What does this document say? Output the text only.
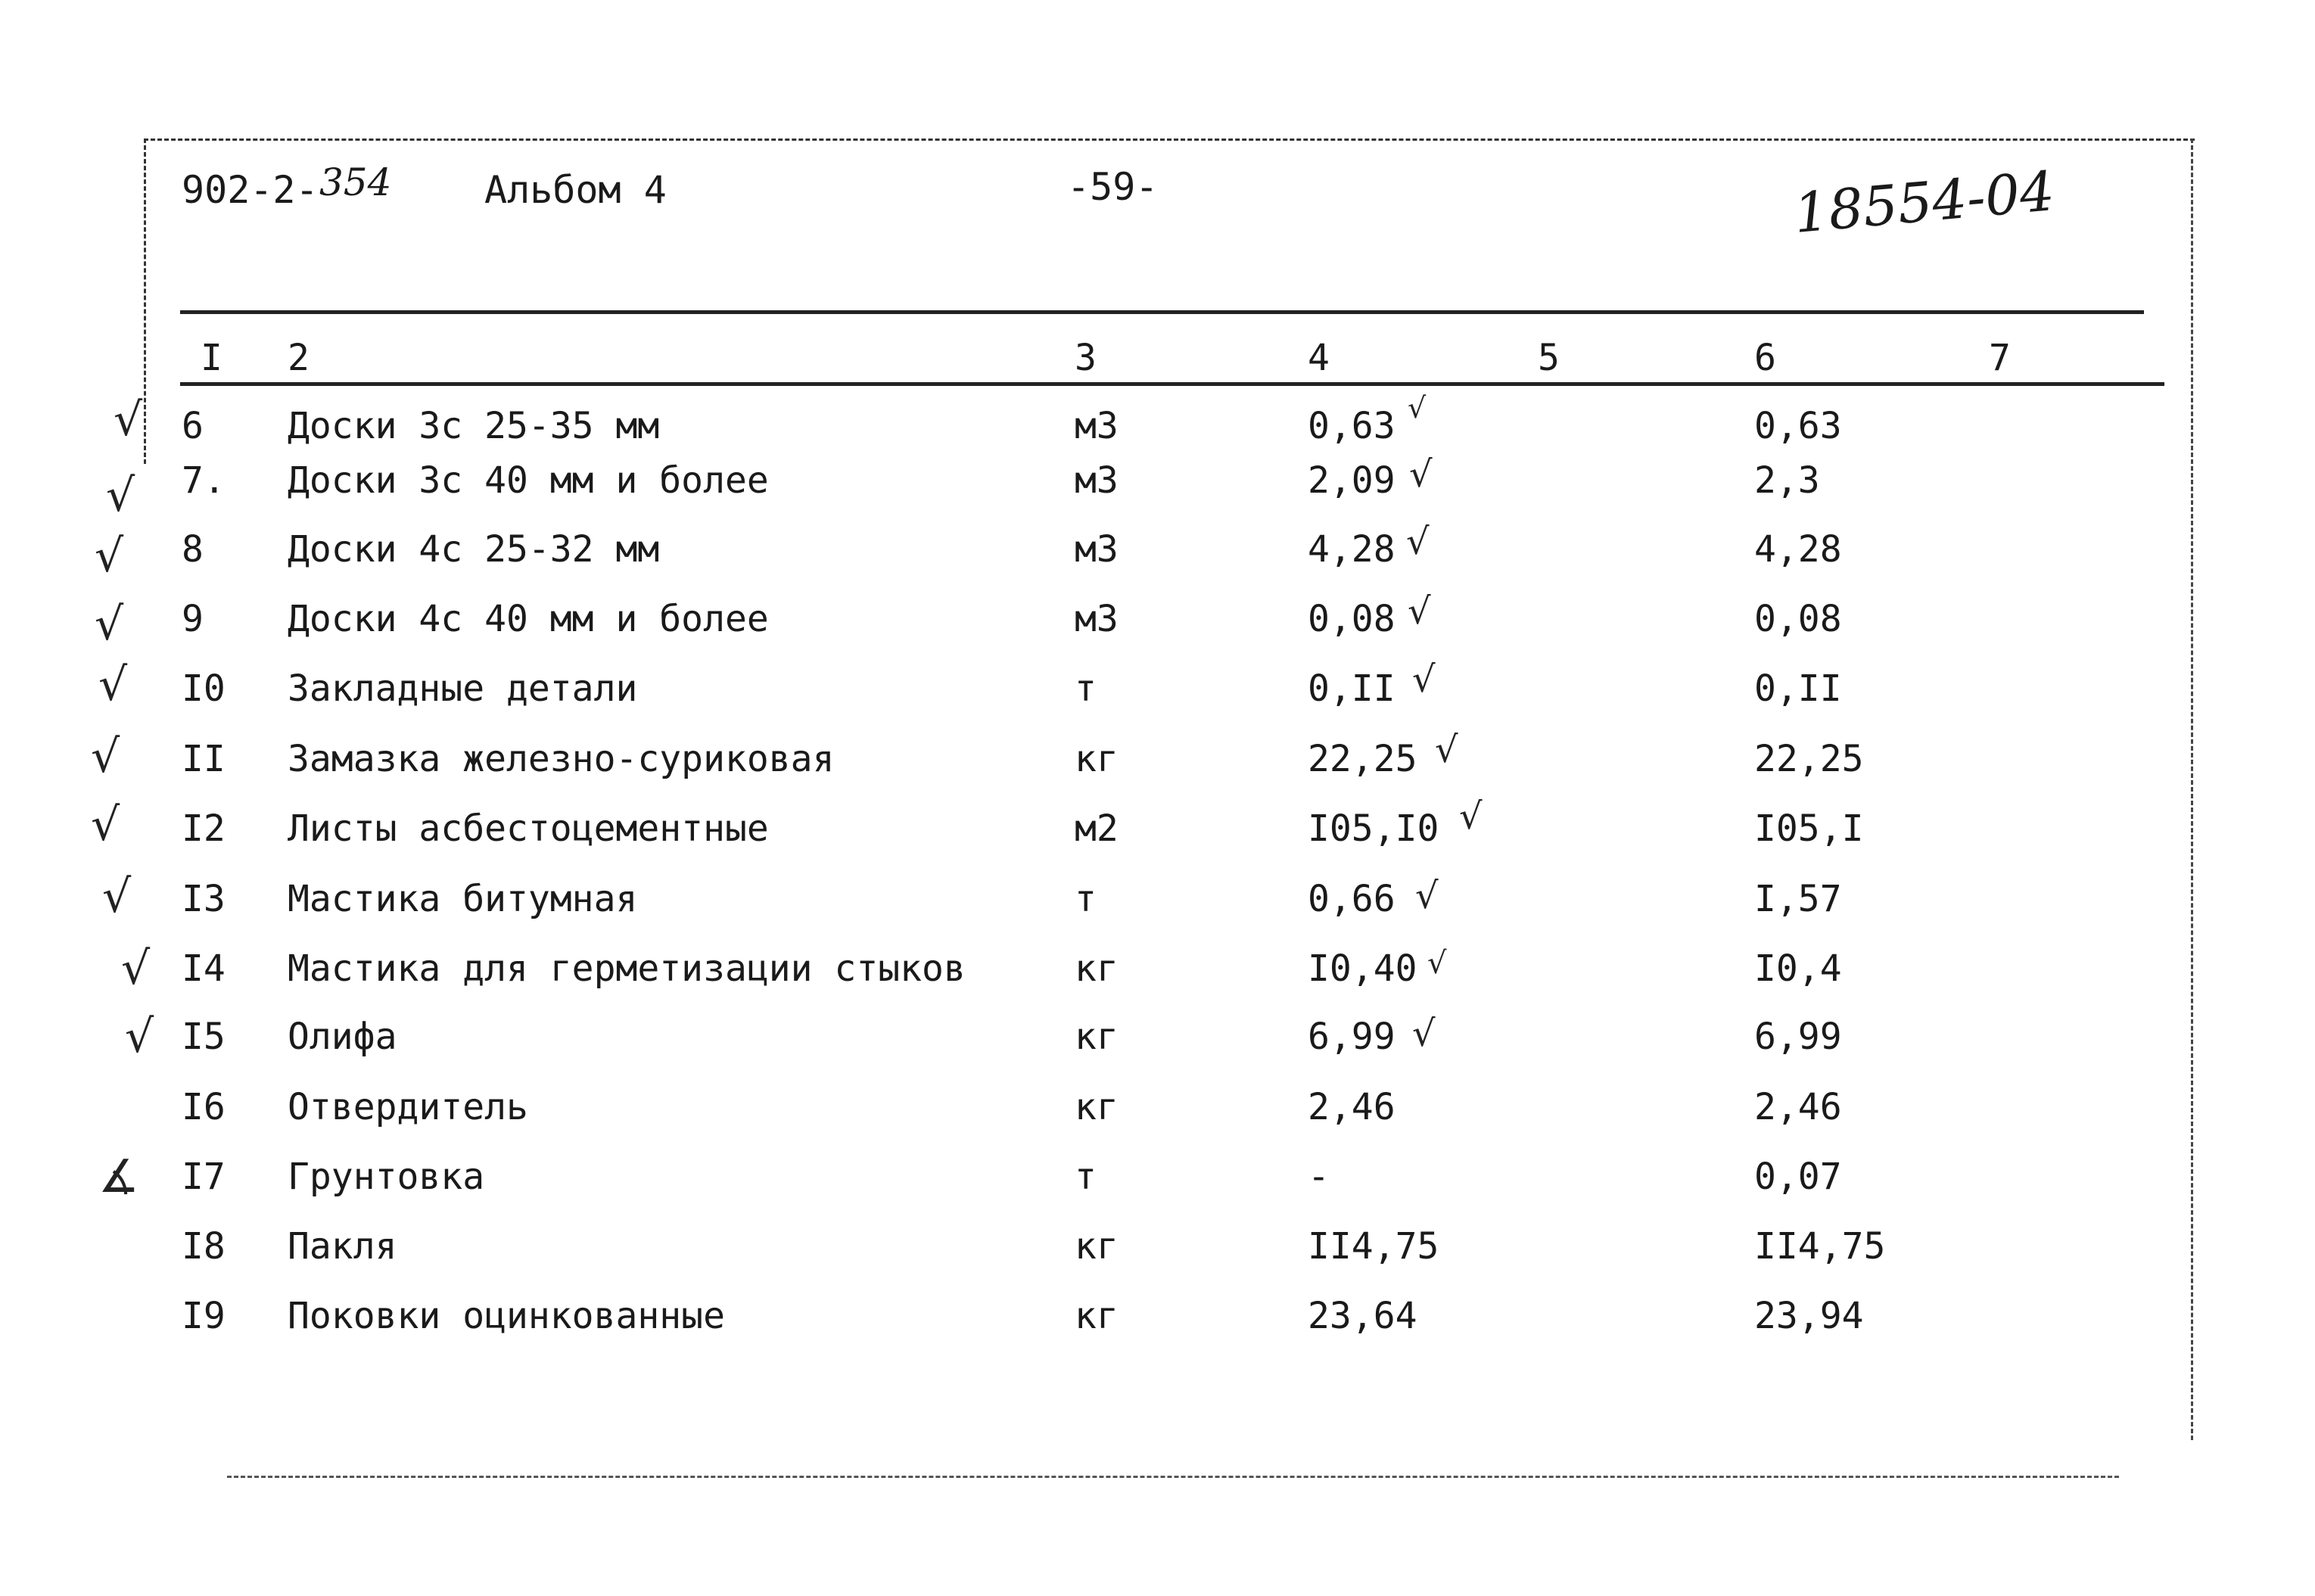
902-2- 354 Альбом 4	-59-	18554-04
I 2	3	4	5	6	7
6 Доски 3с 25-35 мм	м3	0,63 √	0,63
7. Доски 3с 40 мм и более	м3	2,09 √	2,3
8 Доски 4с 25-32 мм	м3	4,28 √	4,28
9 Доски 4с 40 мм и более	м3	0,08 √	0,08
I0 Закладные детали	т	0,II √	0,II
II Замазка железно-суриковая	кг	22,25 √	22,25
I2 Листы асбестоцементные	м2	I05,I0 √	I05,I
I3 Мастика битумная	т	0,66 √	I,57
I4 Мастика для герметизации стыков	кг	I0,40 √	I0,4
I5 Олифа	кг	6,99 √	6,99
I6 Отвердитель	кг	2,46	2,46
I7 Грунтовка	т	-	0,07
I8 Пакля	кг	II4,75	II4,75
I9 Поковки оцинкованные	кг	23,64	23,94
√
√
√
√
√
√
√
√
√
√
∡
